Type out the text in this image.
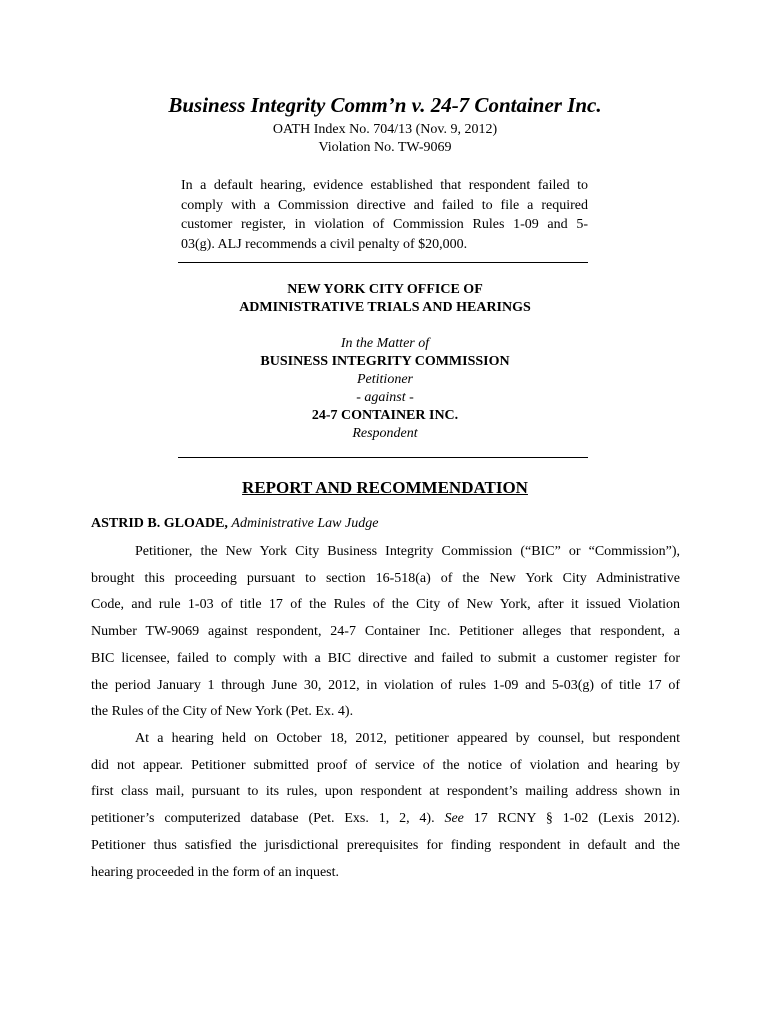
Business Integrity Comm’n v. 24-7 Container Inc.
OATH Index No. 704/13 (Nov. 9, 2012)
Violation No. TW-9069
In a default hearing, evidence established that respondent failed to
comply with a Commission directive and failed to file a required
customer register, in violation of Commission Rules 1-09 and 5-
03(g). ALJ recommends a civil penalty of $20,000.
NEW YORK CITY OFFICE OF
ADMINISTRATIVE TRIALS AND HEARINGS
In the Matter of
BUSINESS INTEGRITY COMMISSION
Petitioner
- against -
24-7 CONTAINER INC.
Respondent
REPORT AND RECOMMENDATION
ASTRID B. GLOADE, Administrative Law Judge
Petitioner, the New York City Business Integrity Commission (“BIC” or “Commission”),
brought this proceeding pursuant to section 16-518(a) of the New York City Administrative
Code, and rule 1-03 of title 17 of the Rules of the City of New York, after it issued Violation
Number TW-9069 against respondent, 24-7 Container Inc. Petitioner alleges that respondent, a
BIC licensee, failed to comply with a BIC directive and failed to submit a customer register for
the period January 1 through June 30, 2012, in violation of rules 1-09 and 5-03(g) of title 17 of
the Rules of the City of New York (Pet. Ex. 4).
At a hearing held on October 18, 2012, petitioner appeared by counsel, but respondent
did not appear. Petitioner submitted proof of service of the notice of violation and hearing by
first class mail, pursuant to its rules, upon respondent at respondent’s mailing address shown in
petitioner’s computerized database (Pet. Exs. 1, 2, 4). See 17 RCNY § 1-02 (Lexis 2012).
Petitioner thus satisfied the jurisdictional prerequisites for finding respondent in default and the
hearing proceeded in the form of an inquest.
